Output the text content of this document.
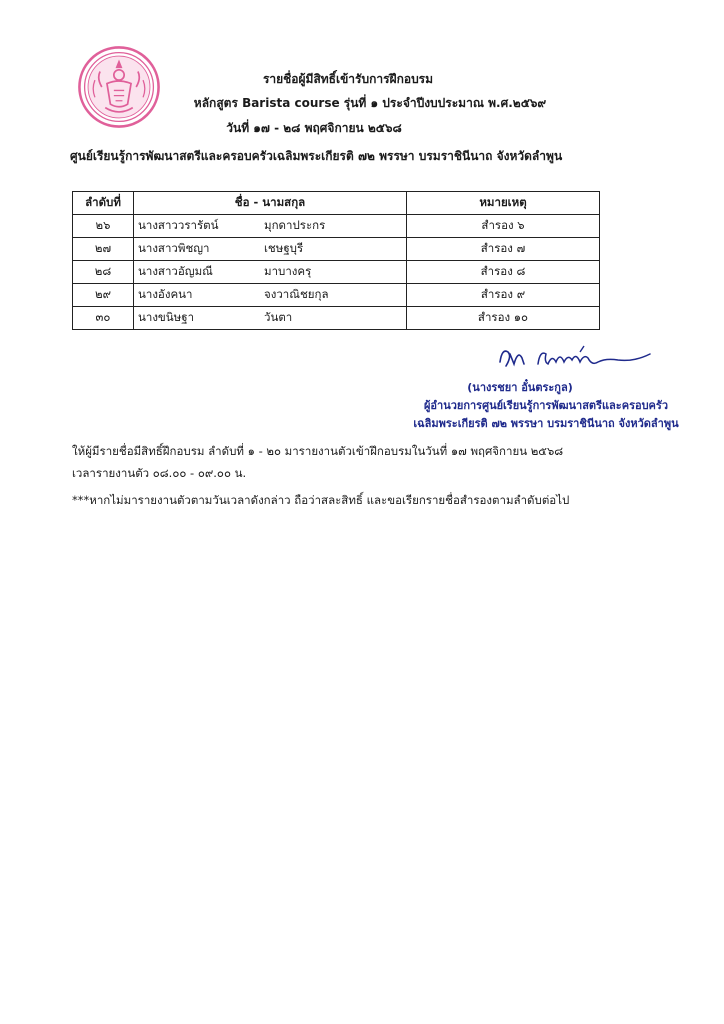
รายชื่อผู้มีสิทธิ์เข้ารับการฝึกอบรม
หลักสูตร Barista course รุ่นที่ ๑ ประจำปีงบประมาณ พ.ศ.๒๕๖๙
วันที่ ๑๗ - ๒๘ พฤศจิกายน ๒๕๖๘
ศูนย์เรียนรู้การพัฒนาสตรีและครอบครัวเฉลิมพระเกียรติ ๗๒ พรรษา บรมราชินีนาถ จังหวัดลำพูน
ลำดับที่	ชื่อ - นามสกุล	หมายเหตุ
๒๖	นางสาววรารัตน์ มุกดาประกร	สำรอง ๖
๒๗	นางสาวพิชญา เชษฐบุรี	สำรอง ๗
๒๘	นางสาวอัญมณี มาบางครุ	สำรอง ๘
๒๙	นางอังคนา จงวาณิชยกุล	สำรอง ๙
๓๐	นางขนิษฐา วันตา	สำรอง ๑๐
(นางรชยา อั๋นตระกูล)
ผู้อำนวยการศูนย์เรียนรู้การพัฒนาสตรีและครอบครัว
เฉลิมพระเกียรติ ๗๒ พรรษา บรมราชินีนาถ จังหวัดลำพูน
ให้ผู้มีรายชื่อมีสิทธิ์ฝึกอบรม ลำดับที่ ๑ - ๒๐ มารายงานตัวเข้าฝึกอบรมในวันที่ ๑๗ พฤศจิกายน ๒๕๖๘
เวลารายงานตัว ๐๘.๐๐ - ๐๙.๐๐ น.
***หากไม่มารายงานตัวตามวันเวลาดังกล่าว ถือว่าสละสิทธิ์ และขอเรียกรายชื่อสำรองตามลำดับต่อไป
